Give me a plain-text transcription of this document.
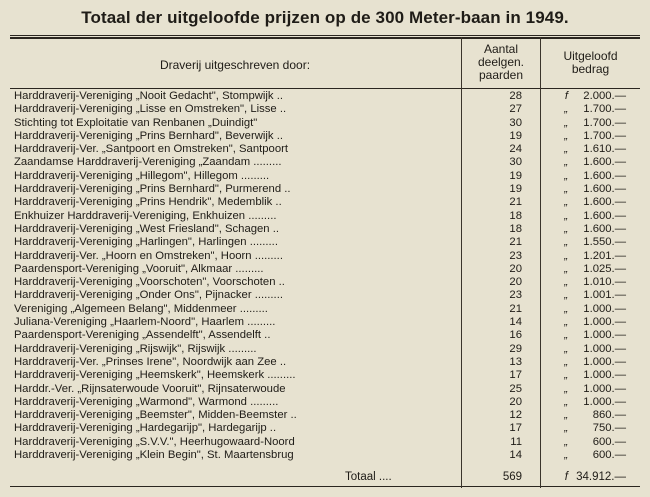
Totaal der uitgeloofde prijzen op de 300 Meter-baan in 1949.
Draverij uitgeschreven door:
Aantal
deelgen.
paarden
Uitgeloofd
bedrag
Harddraverij-Vereniging „Nooit Gedacht", Stompwijk ..	28	f 2.000.—
Harddraverij-Vereniging „Lisse en Omstreken", Lisse ..	27	„ 1.700.—
Stichting tot Exploitatie van Renbanen „Duindigt"	30	„ 1.700.—
Harddraverij-Vereniging „Prins Bernhard", Beverwijk ..	19	„ 1.700.—
Harddraverij-Ver. „Santpoort en Omstreken", Santpoort	24	„ 1.610.—
Zaandamse Harddraverij-Vereniging „Zaandam .........	30	„ 1.600.—
Harddraverij-Vereniging „Hillegom", Hillegom .........	19	„ 1.600.—
Harddraverij-Vereniging „Prins Bernhard", Purmerend ..	19	„ 1.600.—
Harddraverij-Vereniging „Prins Hendrik", Medemblik ..	21	„ 1.600.—
Enkhuizer Harddraverij-Vereniging, Enkhuizen .........	18	„ 1.600.—
Harddraverij-Vereniging „West Friesland", Schagen ..	18	„ 1.600.—
Harddraverij-Vereniging „Harlingen", Harlingen .........	21	„ 1.550.—
Harddraverij-Ver. „Hoorn en Omstreken", Hoorn .........	23	„ 1.201.—
Paardensport-Vereniging „Vooruit", Alkmaar .........	20	„ 1.025.—
Harddraverij-Vereniging „Voorschoten", Voorschoten ..	20	„ 1.010.—
Harddraverij-Vereniging „Onder Ons", Pijnacker .........	23	„ 1.001.—
Vereniging „Algemeen Belang", Middenmeer .........	21	„ 1.000.—
Juliana-Vereniging „Haarlem-Noord", Haarlem .........	14	„ 1.000.—
Paardensport-Vereniging „Assendelft", Assendelft ..	16	„ 1.000.—
Harddraverij-Vereniging „Rijswijk", Rijswijk .........	29	„ 1.000.—
Harddraverij-Ver. „Prinses Irene", Noordwijk aan Zee ..	13	„ 1.000.—
Harddraverij-Vereniging „Heemskerk", Heemskerk .........	17	„ 1.000.—
Harddr.-Ver. „Rijnsaterwoude Vooruit", Rijnsaterwoude	25	„ 1.000.—
Harddraverij-Vereniging „Warmond", Warmond .........	20	„ 1.000.—
Harddraverij-Vereniging „Beemster", Midden-Beemster ..	12	„ 860.—
Harddraverij-Vereniging „Hardegarijp", Hardegarijp ..	17	„ 750.—
Harddraverij-Vereniging „S.V.V.", Heerhugowaard-Noord	11	„ 600.—
Harddraverij-Vereniging „Klein Begin", St. Maartensbrug	14	„ 600.—
Totaal ....	569	f 34.912.—
